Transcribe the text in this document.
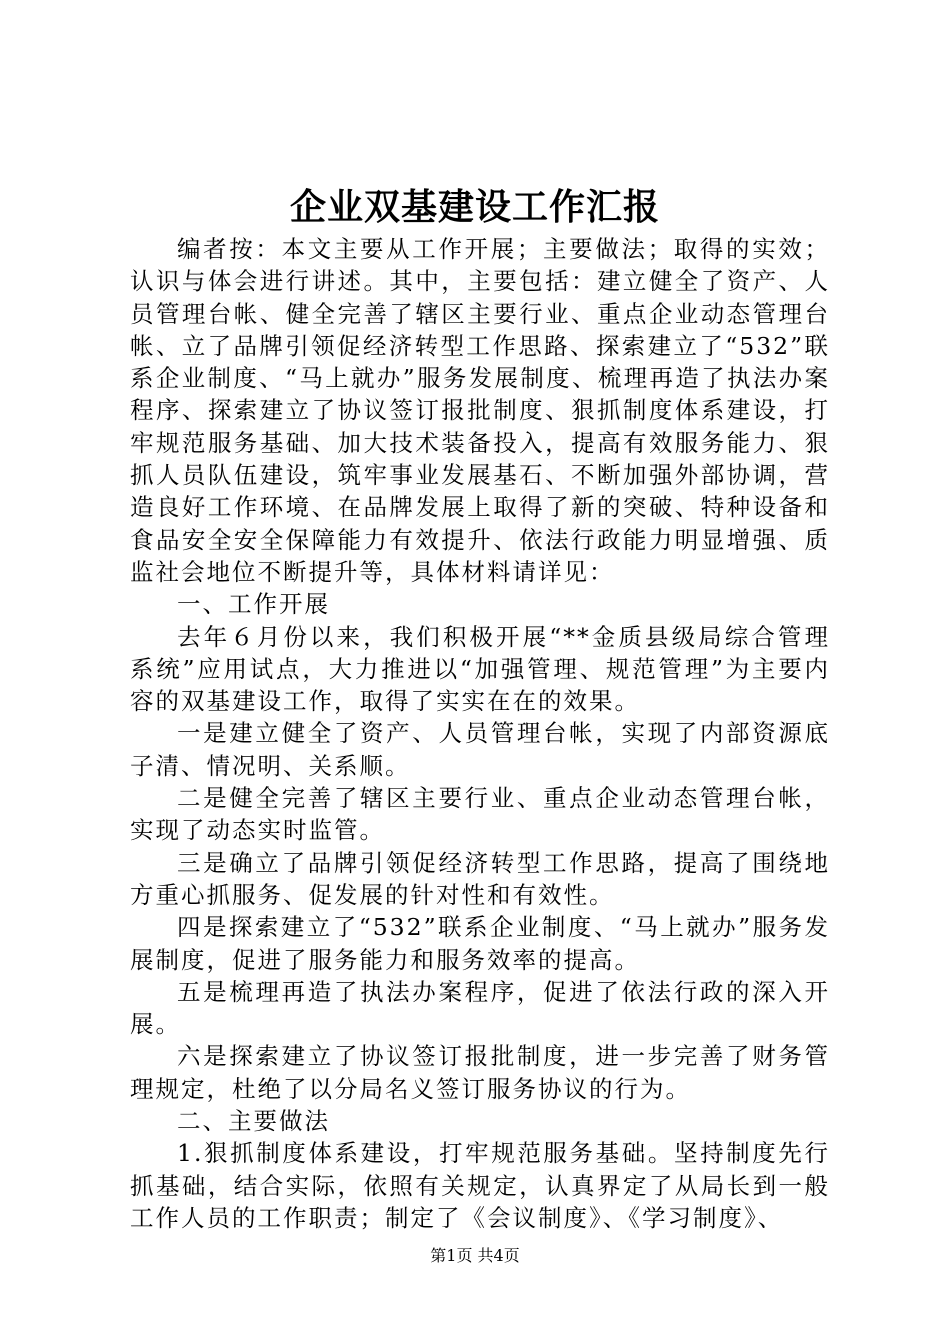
企业双基建设工作汇报

编者按：本文主要从工作开展；主要做法；取得的实效；认识与体会进行讲述。其中，主要包括：建立健全了资产、人员管理台帐、健全完善了辖区主要行业、重点企业动态管理台帐、立了品牌引领促经济转型工作思路、探索建立了“532”联系企业制度、“马上就办”服务发展制度、梳理再造了执法办案程序、探索建立了协议签订报批制度、狠抓制度体系建设，打牢规范服务基础、加大技术装备投入，提高有效服务能力、狠抓人员队伍建设，筑牢事业发展基石、不断加强外部协调，营造良好工作环境、在品牌发展上取得了新的突破、特种设备和食品安全安全保障能力有效提升、依法行政能力明显增强、质监社会地位不断提升等，具体材料请详见：

一、工作开展

去年６月份以来，我们积极开展“**金质县级局综合管理系统”应用试点，大力推进以“加强管理、规范管理”为主要内容的双基建设工作，取得了实实在在的效果。

一是建立健全了资产、人员管理台帐，实现了内部资源底子清、情况明、关系顺。

二是健全完善了辖区主要行业、重点企业动态管理台帐，实现了动态实时监管。

三是确立了品牌引领促经济转型工作思路，提高了围绕地方重心抓服务、促发展的针对性和有效性。

四是探索建立了“532”联系企业制度、“马上就办”服务发展制度，促进了服务能力和服务效率的提高。

五是梳理再造了执法办案程序，促进了依法行政的深入开展。

六是探索建立了协议签订报批制度，进一步完善了财务管理规定，杜绝了以分局名义签订服务协议的行为。

二、主要做法

1.狠抓制度体系建设，打牢规范服务基础。坚持制度先行抓基础，结合实际，依照有关规定，认真界定了从局长到一般工作人员的工作职责；制定了《会议制度》、《学习制度》、

第1页 共4页
